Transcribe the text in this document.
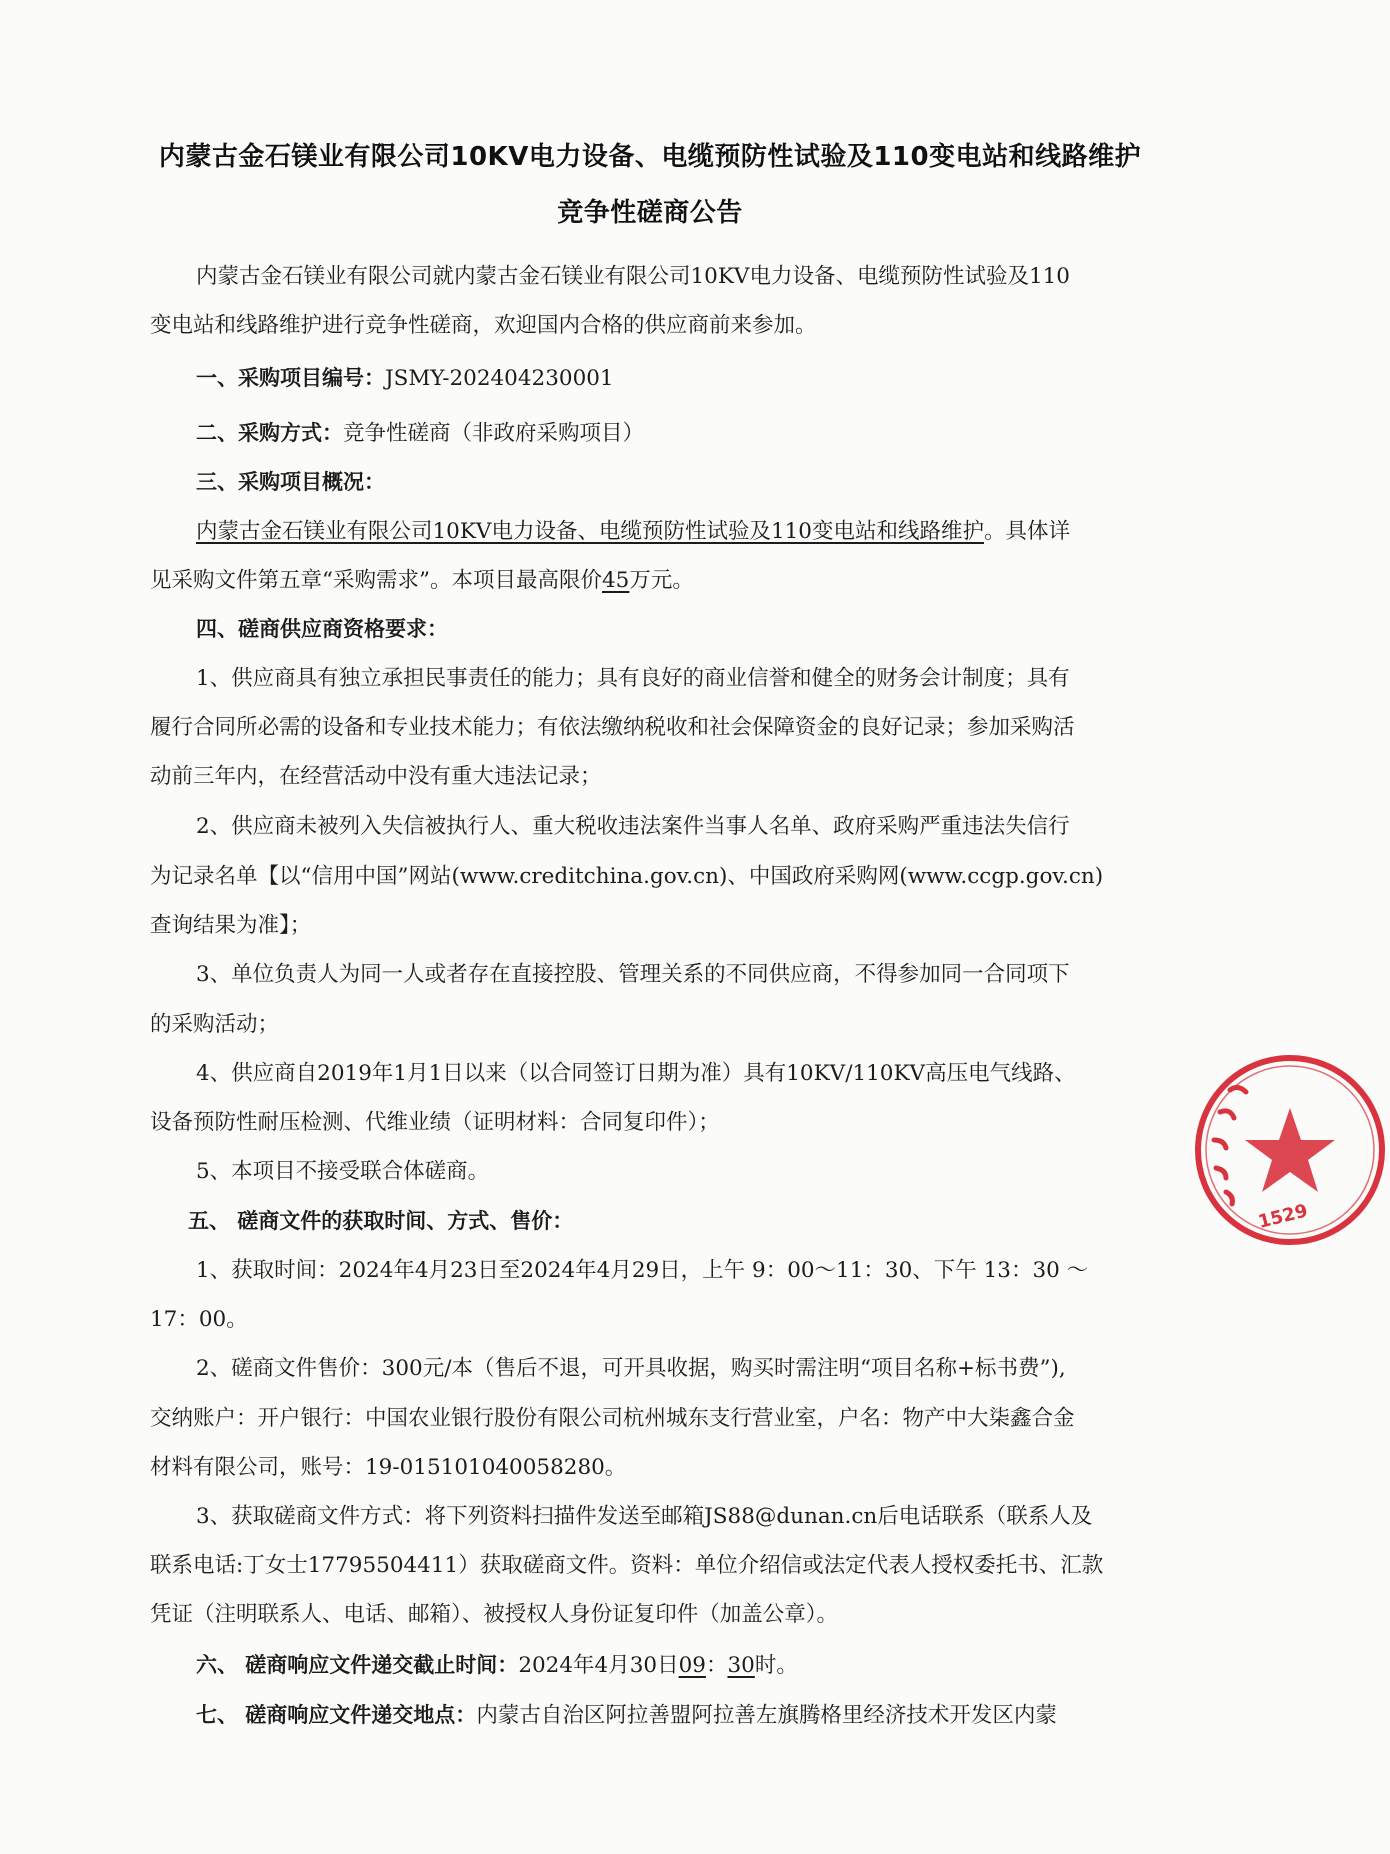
内蒙古金石镁业有限公司10KV电力设备、电缆预防性试验及110变电站和线路维护
竞争性磋商公告
内蒙古金石镁业有限公司就内蒙古金石镁业有限公司10KV电力设备、电缆预防性试验及110
变电站和线路维护进行竞争性磋商，欢迎国内合格的供应商前来参加。
一、采购项目编号：JSMY-202404230001
二、采购方式：竞争性磋商（非政府采购项目）
三、采购项目概况：
内蒙古金石镁业有限公司10KV电力设备、电缆预防性试验及110变电站和线路维护。具体详
见采购文件第五章“采购需求”。本项目最高限价45万元。
四、磋商供应商资格要求：
1、供应商具有独立承担民事责任的能力；具有良好的商业信誉和健全的财务会计制度；具有
履行合同所必需的设备和专业技术能力；有依法缴纳税收和社会保障资金的良好记录；参加采购活
动前三年内，在经营活动中没有重大违法记录；
2、供应商未被列入失信被执行人、重大税收违法案件当事人名单、政府采购严重违法失信行
为记录名单【以“信用中国”网站(www.creditchina.gov.cn)、中国政府采购网(www.ccgp.gov.cn)
查询结果为准】；
3、单位负责人为同一人或者存在直接控股、管理关系的不同供应商，不得参加同一合同项下
的采购活动；
4、供应商自2019年1月1日以来（以合同签订日期为准）具有10KV/110KV高压电气线路、
设备预防性耐压检测、代维业绩（证明材料：合同复印件）；
5、本项目不接受联合体磋商。
五、 磋商文件的获取时间、方式、售价：
1、获取时间：2024年4月23日至2024年4月29日，上午 9：00～11：30、下午 13：30 ～
17：00。
2、磋商文件售价：300元/本（售后不退，可开具收据，购买时需注明“项目名称+标书费”),
交纳账户：开户银行：中国农业银行股份有限公司杭州城东支行营业室，户名：物产中大柒鑫合金
材料有限公司，账号：19-015101040058280。
3、获取磋商文件方式：将下列资料扫描件发送至邮箱JS88@dunan.cn后电话联系（联系人及
联系电话:丁女士17795504411）获取磋商文件。资料：单位介绍信或法定代表人授权委托书、汇款
凭证（注明联系人、电话、邮箱）、被授权人身份证复印件（加盖公章）。
六、 磋商响应文件递交截止时间：2024年4月30日09：30时。
七、 磋商响应文件递交地点：内蒙古自治区阿拉善盟阿拉善左旗腾格里经济技术开发区内蒙
1529
